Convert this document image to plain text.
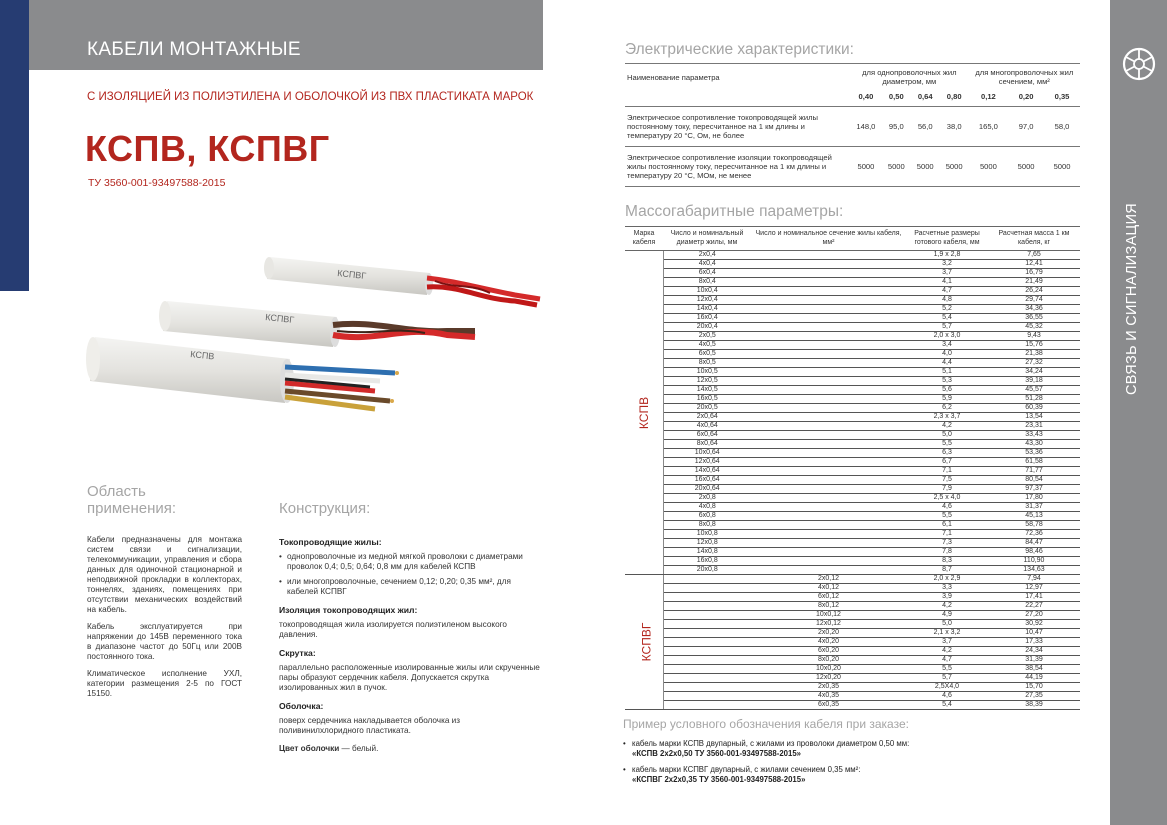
КАБЕЛИ МОНТАЖНЫЕ
С ИЗОЛЯЦИЕЙ ИЗ ПОЛИЭТИЛЕНА И ОБОЛОЧКОЙ ИЗ ПВХ ПЛАСТИКАТА МАРОК
КСПВ, КСПВГ
ТУ 3560-001-93497588-2015
КСПВГ
КСПВГ
КСПВ
Область
применения:

Кабели предназначены для монтажа систем связи и сигнализации, телекоммуникации, управления и сбора данных для одиночной стационарной и неподвижной прокладки в коллекторах, тоннелях, зданиях, помещениях при отсутствии механических воздействий на кабель.

Кабель эксплуатируется при напряжении до 145В переменного тока в диапазоне частот до 50Гц или 200В постоянного тока.

Климатическое исполнение УХЛ, категории размещения 2-5 по ГОСТ 15150.

Конструкция:
Токопроводящие жилы:
• однопроволочные из медной мягкой проволоки с диаметрами проволок 0,4; 0,5; 0,64; 0,8 мм для кабелей КСПВ
• или многопроволочные, сечением 0,12; 0,20; 0,35 мм², для кабелей КСПВГ
Изоляция токопроводящих жил:

токопроводящая жила изолируется полиэтиленом высокого давления.

Скрутка:

параллельно расположенные изолированные жилы или скрученные пары образуют сердечник кабеля. Допускается скрутка изолированных жил в пучок.

Оболочка:

поверх сердечника накладывается оболочка из поливинилхлоридного пластиката.

Цвет оболочки — белый.
Электрические характеристики:
Наименование параметра	для однопроволочных жил диаметром, мм				для многопроволочных жил сечением, мм²		
	0,40	0,50	0,64	0,80	0,12	0,20	0,35
Электрическое сопротивление токопроводящей жилы постоянному току, пересчитанное на 1 км длины и температуру 20 °С, Ом, не более	148,0	95,0	56,0	38,0	165,0	97,0	58,0
Электрическое сопротивление изоляции токопроводящей жилы постоянному току, пересчитанное на 1 км длины и температуру 20 °С, МОм, не менее	5000	5000	5000	5000	5000	5000	5000
Массогабаритные параметры:
Марка кабеля	Число и номинальный диаметр жилы, мм	Число и номинальное сечение жилы кабеля, мм²	Расчетные размеры готового кабеля, мм	Расчетная масса 1 км кабеля, кг
КСПВ	2х0,4		1,9 х 2,8	7,65
	4х0,4		3,2	12,41
	6х0,4		3,7	16,79
	8х0,4		4,1	21,49
	10х0,4		4,7	26,24
	12х0,4		4,8	29,74
	14х0,4		5,2	34,36
	16х0,4		5,4	36,55
	20х0,4		5,7	45,32
	2х0,5		2,0 х 3,0	9,43
	4х0,5		3,4	15,76
	6х0,5		4,0	21,38
	8х0,5		4,4	27,32
	10х0,5		5,1	34,24
	12х0,5		5,3	39,18
	14х0,5		5,6	45,57
	16х0,5		5,9	51,28
	20х0,5		6,2	60,39
	2х0,64		2,3 х 3,7	13,54
	4х0,64		4,2	23,31
	6х0,64		5,0	33,43
	8х0,64		5,5	43,30
	10х0,64		6,3	53,36
	12х0,64		6,7	61,58
	14х0,64		7,1	71,77
	16х0,64		7,5	80,54
	20х0,64		7,9	97,37
	2х0,8		2,5 х 4,0	17,80
	4х0,8		4,6	31,37
	6х0,8		5,5	45,13
	8х0,8		6,1	58,78
	10х0,8		7,1	72,36
	12х0,8		7,3	84,47
	14х0,8		7,8	98,46
	16х0,8		8,3	110,90
	20х0,8		8,7	134,63
КСПВГ		2х0,12	2,0 х 2,9	7,94
		4х0,12	3,3	12,97
		6х0,12	3,9	17,41
		8х0,12	4,2	22,27
		10х0,12	4,9	27,20
		12х0,12	5,0	30,92
		2х0,20	2,1 х 3,2	10,47
		4х0,20	3,7	17,33
		6х0,20	4,2	24,34
		8х0,20	4,7	31,39
		10х0,20	5,5	38,54
		12х0,20	5,7	44,19
		2х0,35	2,5Х4,0	15,70
		4х0,35	4,6	27,35
		6х0,35	5,4	38,39
Пример условного обозначения кабеля при заказе:
• кабель марки КСПВ двупарный, с жилами из проволоки диаметром 0,50 мм:
«КСПВ 2х2х0,50 ТУ 3560-001-93497588-2015»
• кабель марки КСПВГ двупарный, с жилами сечением 0,35 мм²:
«КСПВГ 2х2х0,35 ТУ 3560-001-93497588-2015»
СВЯЗЬ И СИГНАЛИЗАЦИЯ
